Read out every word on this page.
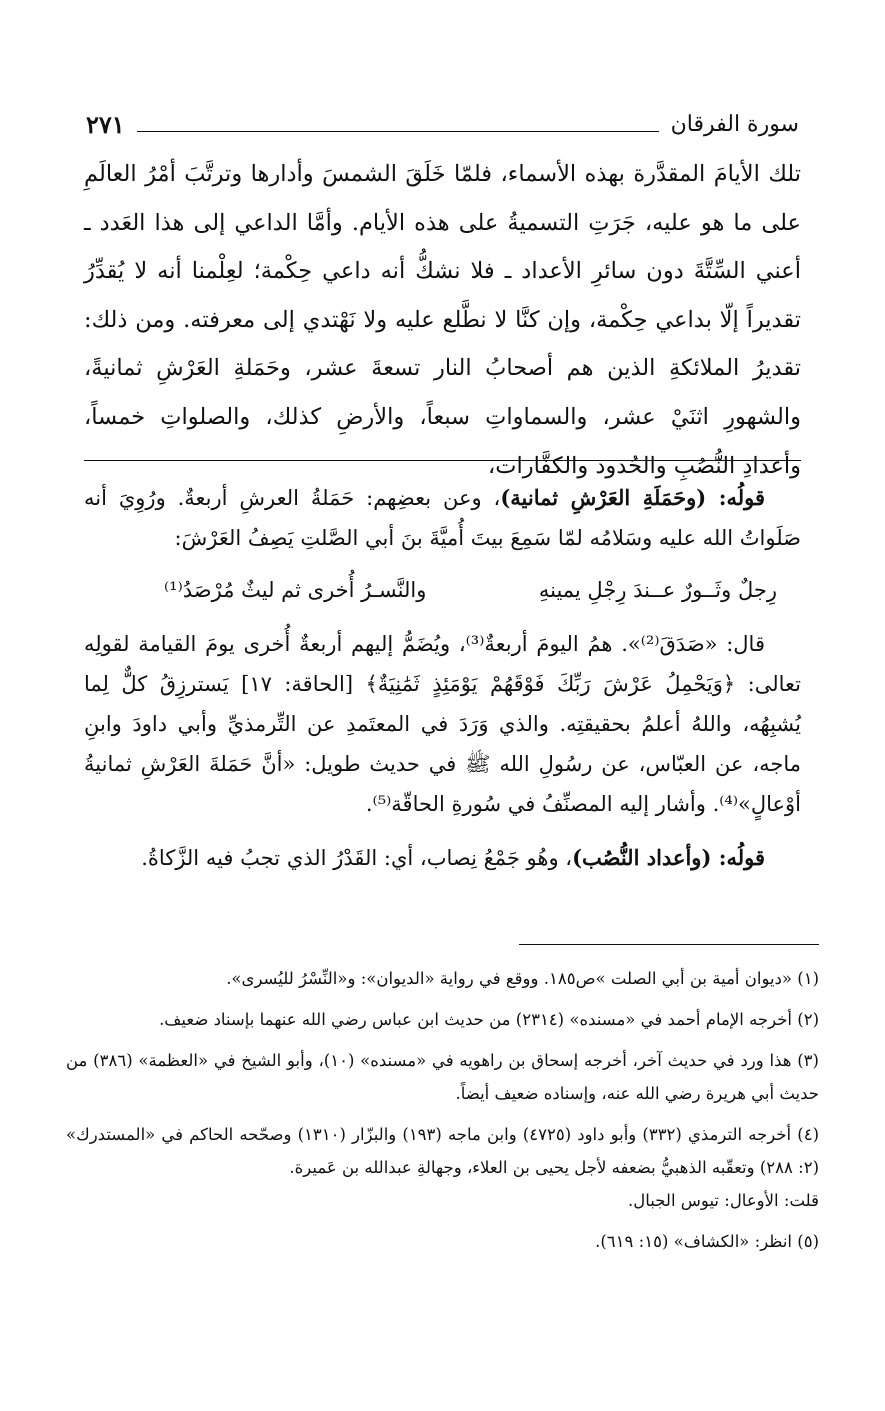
سورة الفرقان
٢٧١

تلك الأيامَ المقدَّرة بهذه الأسماء، فلمّا خَلَقَ الشمسَ وأدارها وترتَّبَ أمْرُ العالَمِ على ما هو عليه، جَرَتِ التسميةُ على هذه الأيام. وأمَّا الداعي إلى هذا العَدد ـ أعني السِّتَّةَ دون سائرِ الأعداد ـ فلا نشكُّ أنه داعي حِكْمة؛ لعِلْمنا أنه لا يُقدِّرُ تقديراً إلّا بداعي حِكْمة، وإن كنَّا لا نطَّلع عليه ولا نَهْتدي إلى معرفته. ومن ذلك: تقديرُ الملائكةِ الذين هم أصحابُ النار تسعةَ عشر، وحَمَلةِ العَرْشِ ثمانيةً، والشهورِ اثنَيْ عشر، والسماواتِ سبعاً، والأرضِ كذلك، والصلواتِ خمساً، وأعدادِ النُّصُبِ والحُدود والكفَّارات،

قولُه: (وحَمَلَةِ العَرْشِ ثمانية)، وعن بعضِهم: حَمَلةُ العرشِ أربعةٌ. ورُوِيَ أنه صَلَواتُ الله عليه وسَلامُه لمّا سَمِعَ بيتَ أُميَّةَ بنَ أبي الصَّلتِ يَصِفُ العَرْشَ:

رِجلٌ وثَــورٌ عــندَ رِجْلِ يمينهِ
والنَّسـرُ أُخرى ثم ليثٌ مُرْصَدُ⁽¹⁾

قال: «صَدَقَ⁽²⁾». همُ اليومَ أربعةٌ⁽³⁾، ويُضَمُّ إليهم أربعةٌ أُخرى يومَ القيامة لقولِه تعالى: ﴿وَيَحْمِلُ عَرْشَ رَبِّكَ فَوْقَهُمْ يَوْمَئِذٍ ثَمَٰنِيَةٌ﴾ [الحاقة: ١٧] يَسترزِقُ كلٌّ لِما يُشبِهُه، واللهُ أعلمُ بحقيقتِه. والذي وَرَدَ في المعتَمدِ عن التِّرمذيِّ وأبي داودَ وابنِ ماجه، عن العبّاس، عن رسُولِ الله ﷺ في حديث طويل: «أنَّ حَمَلةَ العَرْشِ ثمانيةُ أوْعالٍ»⁽⁴⁾. وأشار إليه المصنِّفُ في سُورةِ الحاقّة⁽⁵⁾.

قولُه: (وأعداد النُّصُب)، وهُو جَمْعُ نِصاب، أي: القَدْرُ الذي تجبُ فيه الزَّكاةُ.

(١) «ديوان أمية بن أبي الصلت »ص١٨٥. ووقع في رواية «الديوان»: و«النِّسْرُ لليُسرى».

(٢) أخرجه الإمام أحمد في «مسنده» (٢٣١٤) من حديث ابن عباس رضي الله عنهما بإسناد ضعيف.

(٣) هذا ورد في حديث آخر، أخرجه إسحاق بن راهويه في «مسنده» (١٠)، وأبو الشيخ في «العظمة» (٣٨٦) من حديث أبي هريرة رضي الله عنه، وإسناده ضعيف أيضاً.

(٤) أخرجه الترمذي (٣٣٢) وأبو داود (٤٧٢٥) وابن ماجه (١٩٣) والبزّار (١٣١٠) وصحّحه الحاكم في «المستدرك» (٢: ٢٨٨) وتعقّبه الذهبيُّ بضعفه لأجل يحيى بن العلاء، وجهالةِ عبدالله بن عَميرة.

قلت: الأوعال: تيوس الجبال.

(٥) انظر: «الكشاف» (١٥: ٦١٩).
